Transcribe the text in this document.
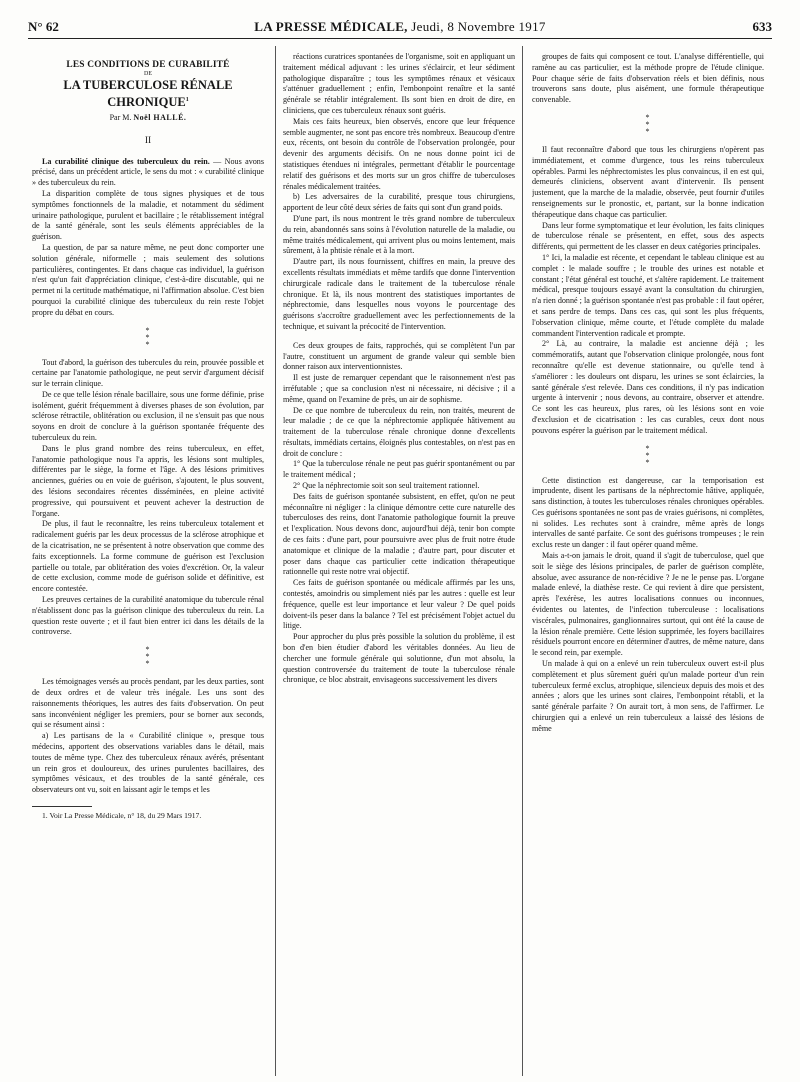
N° 62	LA PRESSE MÉDICALE, Jeudi, 8 Novembre 1917	633
LES CONDITIONS DE CURABILITÉ
DE
LA TUBERCULOSE RÉNALE CHRONIQUE$^1$
Par M. Noël HALLÉ.
II

La curabilité clinique des tuberculeux du rein. — Nous avons précisé, dans un précédent article, le sens du mot : « curabilité clinique » des tuberculeux du rein.

La disparition complète de tous signes physiques et de tous symptômes fonctionnels de la maladie, et notamment du sédiment urinaire pathologique, purulent et bacillaire ; le rétablissement intégral de la santé générale, sont les seuls éléments appréciables de la guérison.

La question, de par sa nature même, ne peut donc comporter une solution générale, niformelle ; mais seulement des solutions particulières, contingentes. Et dans chaque cas individuel, la guérison n'est qu'un fait d'appréciation clinique, c'est-à-dire discutable, qui ne permet ni la certitude mathématique, ni l'affirmation absolue. C'est bien pourquoi la curabilité clinique des tuberculeux du rein reste l'objet propre du débat en cours.

*
*
*

Tout d'abord, la guérison des tubercules du rein, prouvée possible et certaine par l'anatomie pathologique, ne peut servir d'argument décisif sur le terrain clinique.

De ce que telle lésion rénale bacillaire, sous une forme définie, prise isolément, guérit fréquemment à diverses phases de son évolution, par sclérose rétractile, oblitération ou exclusion, il ne s'ensuit pas que nous soyons en droit de conclure à la guérison spontanée fréquente des tuberculeux du rein.

Dans le plus grand nombre des reins tuberculeux, en effet, l'anatomie pathologique nous l'a appris, les lésions sont multiples, différentes par le siège, la forme et l'âge. A des lésions primitives anciennes, guéries ou en voie de guérison, s'ajoutent, le plus souvent, des lésions secondaires récentes disséminées, en pleine activité progressive, qui poursuivent et peuvent achever la destruction de l'organe.

De plus, il faut le reconnaître, les reins tuberculeux totalement et radicalement guéris par les deux processus de la sclérose atrophique et de la cicatrisation, ne se présentent à notre observation que comme des faits exceptionnels. La forme commune de guérison est l'exclusion partielle ou totale, par oblitération des voies d'excrétion. Or, la valeur de cette exclusion, comme mode de guérison solide et définitive, est encore contestée.

Les preuves certaines de la curabilité anatomique du tubercule rénal n'établissent donc pas la guérison clinique des tuberculeux du rein. La question reste ouverte ; et il faut bien entrer ici dans les détails de la controverse.

*
*
*

Les témoignages versés au procès pendant, par les deux parties, sont de deux ordres et de valeur très inégale. Les uns sont des raisonnements théoriques, les autres des faits d'observation. On peut sans inconvénient négliger les premiers, pour se borner aux seconds, qui se résument ainsi :

a) Les partisans de la « Curabilité clinique », presque tous médecins, apportent des observations variables dans le détail, mais toutes de même type. Chez des tuberculeux rénaux avérés, présentant un rein gros et douloureux, des urines purulentes bacillaires, des symptômes vésicaux, et des troubles de la santé générale, ces observateurs ont vu, soit en laissant agir le temps et les

1. Voir La Presse Médicale, n° 18, du 29 Mars 1917.

réactions curatrices spontanées de l'organisme, soit en appliquant un traitement médical adjuvant : les urines s'éclaircir, et leur sédiment pathologique disparaître ; tous les symptômes rénaux et vésicaux s'atténuer graduellement ; enfin, l'embonpoint renaître et la santé générale se rétablir intégralement. Ils sont bien en droit de dire, en cliniciens, que ces tuberculeux rénaux sont guéris.

Mais ces faits heureux, bien observés, encore que leur fréquence semble augmenter, ne sont pas encore très nombreux. Beaucoup d'entre eux, récents, ont besoin du contrôle de l'observation prolongée, pour devenir des arguments décisifs. On ne nous donne point ici de statistiques étendues ni intégrales, permettant d'établir le pourcentage relatif des guérisons et des morts sur un gros chiffre de tuberculoses rénales médicalement traitées.

b) Les adversaires de la curabilité, presque tous chirurgiens, apportent de leur côté deux séries de faits qui sont d'un grand poids.

D'une part, ils nous montrent le très grand nombre de tuberculeux du rein, abandonnés sans soins à l'évolution naturelle de la maladie, ou même traités médicalement, qui arrivent plus ou moins lentement, mais sûrement, à la phtisie rénale et à la mort.

D'autre part, ils nous fournissent, chiffres en main, la preuve des excellents résultats immédiats et même tardifs que donne l'intervention chirurgicale radicale dans le traitement de la tuberculose rénale chronique. Et là, ils nous montrent des statistiques importantes de néphrectomie, dans lesquelles nous voyons le pourcentage des guérisons s'accroître graduellement avec les perfectionnements de la technique, et suivant la précocité de l'intervention.

Ces deux groupes de faits, rapprochés, qui se complètent l'un par l'autre, constituent un argument de grande valeur qui semble bien donner raison aux interventionnistes.

Il est juste de remarquer cependant que le raisonnement n'est pas irréfutable ; que sa conclusion n'est ni nécessaire, ni décisive ; il a même, quand on l'examine de près, un air de sophisme.

De ce que nombre de tuberculeux du rein, non traités, meurent de leur maladie ; de ce que la néphrectomie appliquée hâtivement au traitement de la tuberculose rénale chronique donne d'excellents résultats, immédiats certains, éloignés plus contestables, on n'est pas en droit de conclure :

1° Que la tuberculose rénale ne peut pas guérir spontanément ou par le traitement médical ;

2° Que la néphrectomie soit son seul traitement rationnel.

Des faits de guérison spontanée subsistent, en effet, qu'on ne peut méconnaître ni négliger : la clinique démontre cette cure naturelle des tuberculoses des reins, dont l'anatomie pathologique fournit la preuve et l'explication. Nous devons donc, aujourd'hui déjà, tenir bon compte de ces faits : d'une part, pour poursuivre avec plus de fruit notre étude anatomique et clinique de la maladie ; d'autre part, pour discuter et poser dans chaque cas particulier cette indication thérapeutique rationnelle qui reste notre vrai objectif.

Ces faits de guérison spontanée ou médicale affirmés par les uns, contestés, amoindris ou simplement niés par les autres : quelle est leur fréquence, quelle est leur importance et leur valeur ? De quel poids doivent-ils peser dans la balance ? Tel est précisément l'objet actuel du litige.

Pour approcher du plus près possible la solution du problème, il est bon d'en bien étudier d'abord les véritables données. Au lieu de chercher une formule générale qui solutionne, d'un mot absolu, la question controversée du traitement de toute la tuberculose rénale chronique, ce bloc abstrait, envisageons successivement les divers

groupes de faits qui composent ce tout. L'analyse différentielle, qui ramène au cas particulier, est la méthode propre de l'étude clinique. Pour chaque série de faits d'observation réels et bien définis, nous trouverons sans doute, plus aisément, une formule thérapeutique convenable.

*
*
*

Il faut reconnaître d'abord que tous les chirurgiens n'opèrent pas immédiatement, et comme d'urgence, tous les reins tuberculeux opérables. Parmi les néphrectomistes les plus convaincus, il en est qui, demeurés cliniciens, observent avant d'intervenir. Ils pensent justement, que la marche de la maladie, observée, peut fournir d'utiles renseignements sur le pronostic, et, partant, sur la bonne indication thérapeutique dans chaque cas particulier.

Dans leur forme symptomatique et leur évolution, les faits cliniques de tuberculose rénale se présentent, en effet, sous des aspects différents, qui permettent de les classer en deux catégories principales.

1° Ici, la maladie est récente, et cependant le tableau clinique est au complet : le malade souffre ; le trouble des urines est notable et constant ; l'état général est touché, et s'altère rapidement. Le traitement médical, presque toujours essayé avant la consultation du chirurgien, n'a rien donné ; la guérison spontanée n'est pas probable : il faut opérer, et sans perdre de temps. Dans ces cas, qui sont les plus fréquents, l'observation clinique, même courte, et l'étude complète du malade commandent l'intervention radicale et prompte.

2° Là, au contraire, la maladie est ancienne déjà ; les commémoratifs, autant que l'observation clinique prolongée, nous font reconnaître qu'elle est devenue stationnaire, ou qu'elle tend à s'améliorer : les douleurs ont disparu, les urines se sont éclaircies, la santé générale s'est relevée. Dans ces conditions, il n'y pas indication urgente à intervenir ; nous devons, au contraire, observer et attendre. Ce sont les cas heureux, plus rares, où les lésions sont en voie d'exclusion et de cicatrisation : les cas curables, ceux dont nous pouvons espérer la guérison par le traitement médical.

*
*
*

Cette distinction est dangereuse, car la temporisation est imprudente, disent les partisans de la néphrectomie hâtive, appliquée, sans distinction, à toutes les tuberculoses rénales chroniques opérables. Ces guérisons spontanées ne sont pas de vraies guérisons, ni complètes, ni solides. Les rechutes sont à craindre, même après de longs intervalles de santé parfaite. Ce sont des guérisons trompeuses ; le rein exclus reste un danger : il faut opérer quand même.

Mais a-t-on jamais le droit, quand il s'agit de tuberculose, quel que soit le siège des lésions principales, de parler de guérison complète, absolue, avec assurance de non-récidive ? Je ne le pense pas. L'organe malade enlevé, la diathèse reste. Ce qui revient à dire que persistent, après l'exérèse, les autres localisations connues ou inconnues, évidentes ou latentes, de l'infection tuberculeuse : localisations viscérales, pulmonaires, ganglionnaires surtout, qui ont été la cause de la lésion rénale première. Cette lésion supprimée, les foyers bacillaires résiduels pourront encore en déterminer d'autres, de même nature, dans le second rein, par exemple.

Un malade à qui on a enlevé un rein tuberculeux ouvert est-il plus complètement et plus sûrement guéri qu'un malade porteur d'un rein tuberculeux fermé exclus, atrophique, silencieux depuis des mois et des années ; alors que les urines sont claires, l'embonpoint rétabli, et la santé générale parfaite ? On aurait tort, à mon sens, de l'affirmer. Le chirurgien qui a enlevé un rein tuberculeux a laissé des lésions de même
